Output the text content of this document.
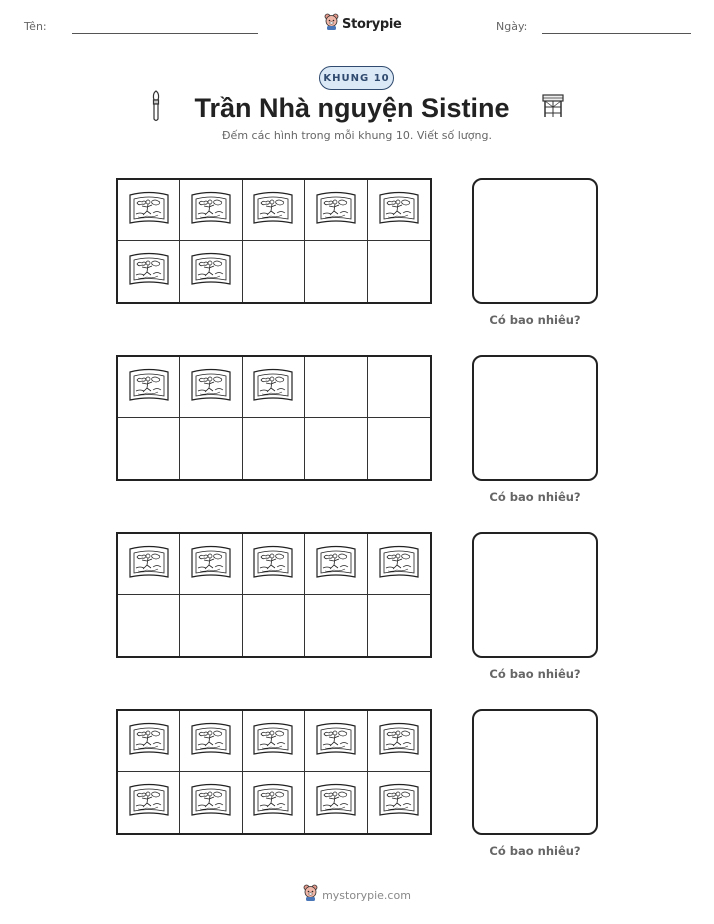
Tên:	Storypie	Ngày:
KHUNG 10
Trần Nhà nguyện Sistine
Đếm các hình trong mỗi khung 10. Viết số lượng.
Có bao nhiêu?
Có bao nhiêu?
Có bao nhiêu?
Có bao nhiêu?
mystorypie.com
